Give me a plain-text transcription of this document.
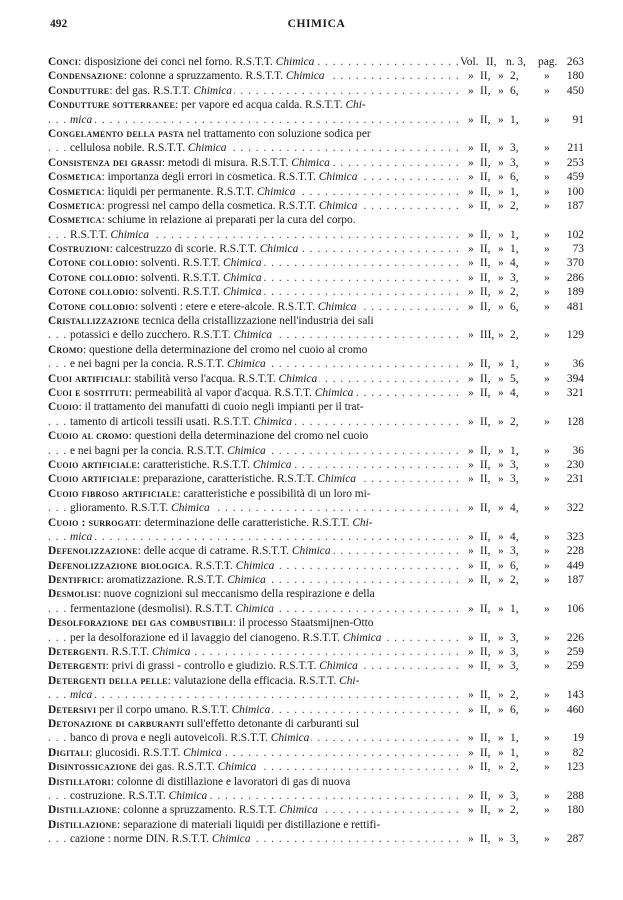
492	CHIMICA
. . . Conci: disposizione dei conci nel forno. R.S.T.T. Chimica	Vol. II, n. 3, pag. 263
. . . Condensazione: colonne a spruzzamento. R.S.T.T. Chimica	» II, » 2, » 180
. . . Condutture: del gas. R.S.T.T. Chimica	» II, » 6, » 450
Condutture sotterranee: per vapore ed acqua calda. R.S.T.T. Chi-
. . . mica	» II, » 1, » 91
Congelamento della pasta nel trattamento con soluzione sodica per
. . . cellulosa nobile. R.S.T.T. Chimica	» II, » 3, » 211
. . . Consistenza dei grassi: metodi di misura. R.S.T.T. Chimica	» II, » 3, » 253
. . . Cosmetica: importanza degli errori in cosmetica. R.S.T.T. Chimica	» II, » 6, » 459
. . . Cosmetica: liquidi per permanente. R.S.T.T. Chimica	» II, » 1, » 100
. . . Cosmetica: progressi nel campo della cosmetica. R.S.T.T. Chimica	» II, » 2, » 187
Cosmetica: schiume in relazione ai preparati per la cura del corpo.
. . . R.S.T.T. Chimica	» II, » 1, » 102
. . . Costruzioni: calcestruzzo di scorie. R.S.T.T. Chimica	» II, » 1, » 73
. . . Cotone collodio: solventi. R.S.T.T. Chimica	» II, » 4, » 370
. . . Cotone collodio: solventi. R.S.T.T. Chimica	» II, » 3, » 286
. . . Cotone collodio: solventi. R.S.T.T. Chimica	» II, » 2, » 189
. . . Cotone collodio: solventi : etere e etere-alcole. R.S.T.T. Chimica	» II, » 6, » 481
Cristallizzazione tecnica della cristallizzazione nell'industria dei sali
. . . potassici e dello zucchero. R.S.T.T. Chimica	» III, » 2, » 129
Cromo: questione della determinazione del cromo nel cuoio al cromo
. . . e nei bagni per la concia. R.S.T.T. Chimica	» II, » 1, » 36
. . . Cuoi artificiali: stabilità verso l'acqua. R.S.T.T. Chimica	» II, » 5, » 394
. . . Cuoi e sostituti: permeabilità al vapor d'acqua. R.S.T.T. Chimica	» II, » 4, » 321
Cuoio: il trattamento dei manufatti di cuoio negli impianti per il trat-
. . . tamento di articoli tessili usati. R.S.T.T. Chimica	» II, » 2, » 128
Cuoio al cromo: questioni della determinazione del cromo nel cuoio
. . . e nei bagni per la concia. R.S.T.T. Chimica	» II, » 1, » 36
. . . Cuoio artificiale: caratteristiche. R.S.T.T. Chimica	» II, » 3, » 230
. . . Cuoio artificiale: preparazione, caratteristiche. R.S.T.T. Chimica	» II, » 3, » 231
Cuoio fibroso artificiale: caratteristiche e possibilità di un loro mi-
. . . glioramento. R.S.T.T. Chimica	» II, » 4, » 322
Cuoio : surrogati: determinazione delle caratteristiche. R.S.T.T. Chi-
. . . mica	» II, » 4, » 323
. . . Defenolizzazione: delle acque di catrame. R.S.T.T. Chimica	» II, » 3, » 228
. . . Defenolizzazione biologica. R.S.T.T. Chimica	» II, » 6, » 449
. . . Dentifrici: aromatizzazione. R.S.T.T. Chimica	» II, » 2, » 187
Desmolisi: nuove cognizioni sul meccanismo della respirazione e della
. . . fermentazione (desmolisi). R.S.T.T. Chimica	» II, » 1, » 106
Desolforazione dei gas combustibili: il processo Staatsmijnen-Otto
. . . per la desolforazione ed il lavaggio del cianogeno. R.S.T.T. Chimica	» II, » 3, » 226
. . . Detergenti. R.S.T.T. Chimica	» II, » 3, » 259
. . . Detergenti: privi di grassi - controllo e giudizio. R.S.T.T. Chimica	» II, » 3, » 259
Detergenti della pelle: valutazione della efficacia. R.S.T.T. Chi-
. . . mica	» II, » 2, » 143
. . . Detersivi per il corpo umano. R.S.T.T. Chimica	» II, » 6, » 460
Detonazione di carburanti sull'effetto detonante di carburanti sul
. . . banco di prova e negli autoveicoli. R.S.T.T. Chimica	» II, » 1, » 19
. . . Digitali: glucosidi. R.S.T.T. Chimica	» II, » 1, » 82
. . . Disintossicazione dei gas. R.S.T.T. Chimica	» II, » 2, » 123
Distillatori: colonne di distillazione e lavoratori di gas di nuova
. . . costruzione. R.S.T.T. Chimica	» II, » 3, » 288
. . . Distillazione: colonne a spruzzamento. R.S.T.T. Chimica	» II, » 2, » 180
Distillazione: separazione di materiali liquidi per distillazione e rettifi-
. . . cazione : norme DIN. R.S.T.T. Chimica	» II, » 3, » 287
